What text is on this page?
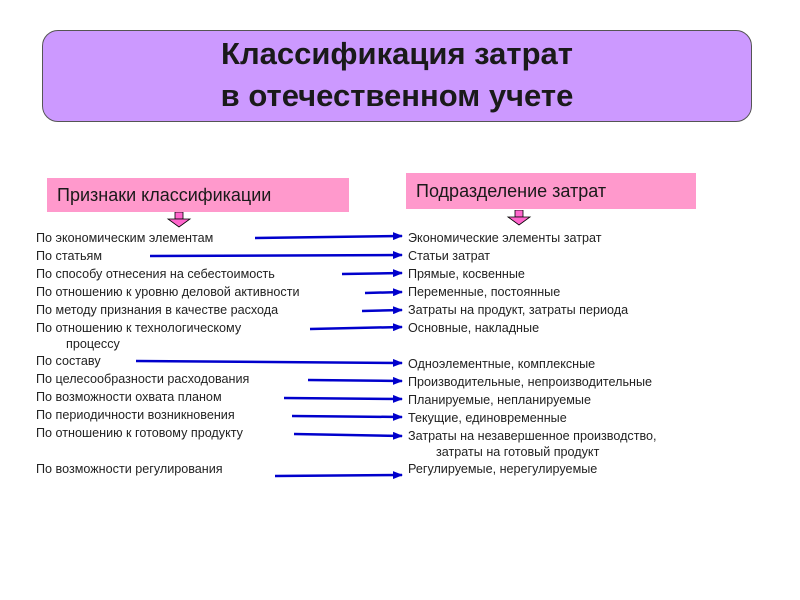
Классификация затрат
в отечественном учете
Признаки классификации	Подразделение затрат
По экономическим элементам
По статьям
По способу отнесения на себестоимость
По отношению к уровню деловой активности
По методу признания в качестве расхода
По отношению к технологическому
процессу
По составу
По целесообразности расходования
По возможности охвата планом
По периодичности возникновения
По отношению к готовому продукту
По возможности регулирования
Экономические элементы затрат
Статьи затрат
Прямые, косвенные
Переменные, постоянные
Затраты на продукт, затраты периода
Основные, накладные
Одноэлементные, комплексные
Производительные, непроизводительные
Планируемые, непланируемые
Текущие, единовременные
Затраты на незавершенное производство,
затраты на готовый продукт
Регулируемые, нерегулируемые
